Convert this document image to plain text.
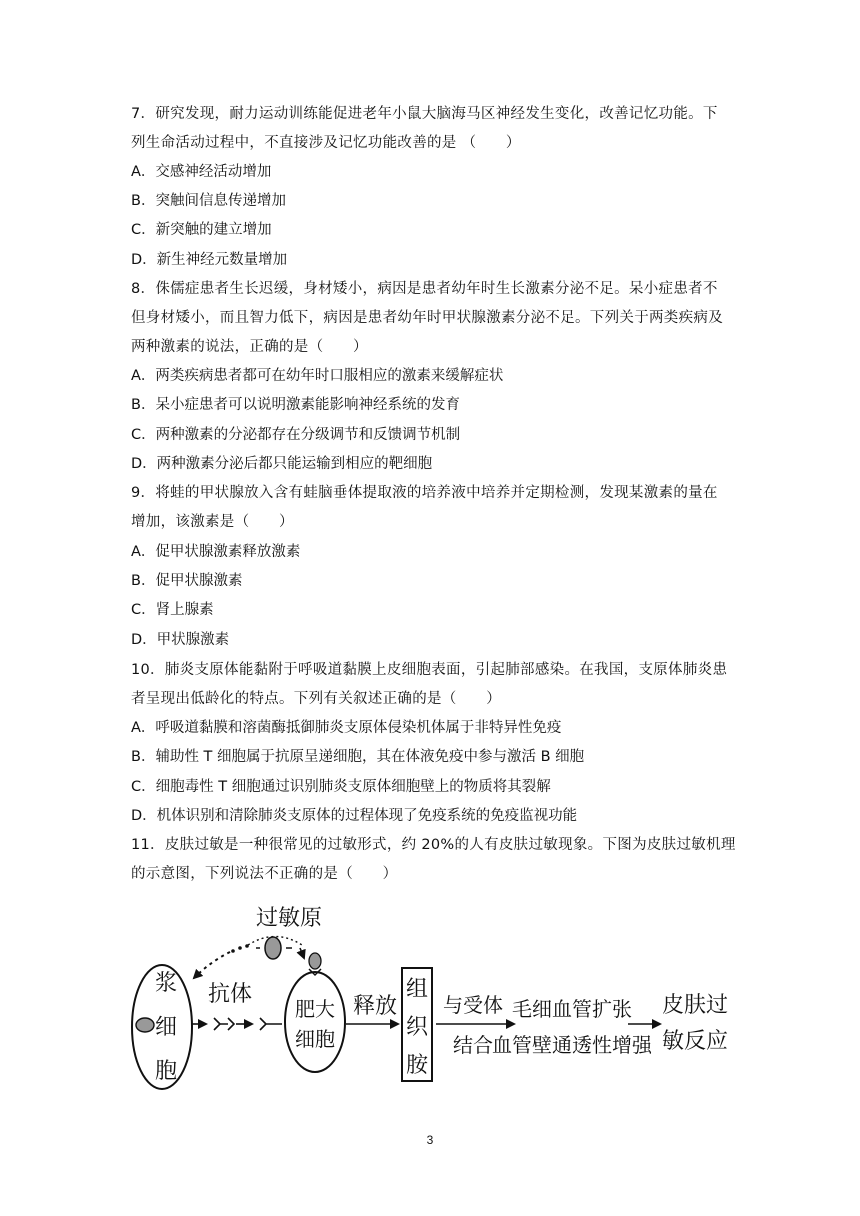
7．研究发现，耐力运动训练能促进老年小鼠大脑海马区神经发生变化，改善记忆功能。下
列生命活动过程中，不直接涉及记忆功能改善的是 （　　）
A．交感神经活动增加
B．突触间信息传递增加
C．新突触的建立增加
D．新生神经元数量增加
8．侏儒症患者生长迟缓，身材矮小，病因是患者幼年时生长激素分泌不足。呆小症患者不
但身材矮小，而且智力低下，病因是患者幼年时甲状腺激素分泌不足。下列关于两类疾病及
两种激素的说法，正确的是（　　）
A．两类疾病患者都可在幼年时口服相应的激素来缓解症状
B．呆小症患者可以说明激素能影响神经系统的发育
C．两种激素的分泌都存在分级调节和反馈调节机制
D．两种激素分泌后都只能运输到相应的靶细胞
9．将蛙的甲状腺放入含有蛙脑垂体提取液的培养液中培养并定期检测，发现某激素的量在
增加，该激素是（　　）
A．促甲状腺激素释放激素
B．促甲状腺激素
C．肾上腺素
D．甲状腺激素
10．肺炎支原体能黏附于呼吸道黏膜上皮细胞表面，引起肺部感染。在我国，支原体肺炎患
者呈现出低龄化的特点。下列有关叙述正确的是（　　）
A．呼吸道黏膜和溶菌酶抵御肺炎支原体侵染机体属于非特异性免疫
B．辅助性 T 细胞属于抗原呈递细胞，其在体液免疫中参与激活 B 细胞
C．细胞毒性 T 细胞通过识别肺炎支原体细胞壁上的物质将其裂解
D．机体识别和清除肺炎支原体的过程体现了免疫系统的免疫监视功能
11．皮肤过敏是一种很常见的过敏形式，约 20%的人有皮肤过敏现象。下图为皮肤过敏机理
的示意图，下列说法不正确的是（　　）
过敏原
浆
细
胞
抗体
肥大
细胞
释放
组
织
胺
与受体
结合
毛细血管扩张
血管壁通透性增强
皮肤过
敏反应
3
